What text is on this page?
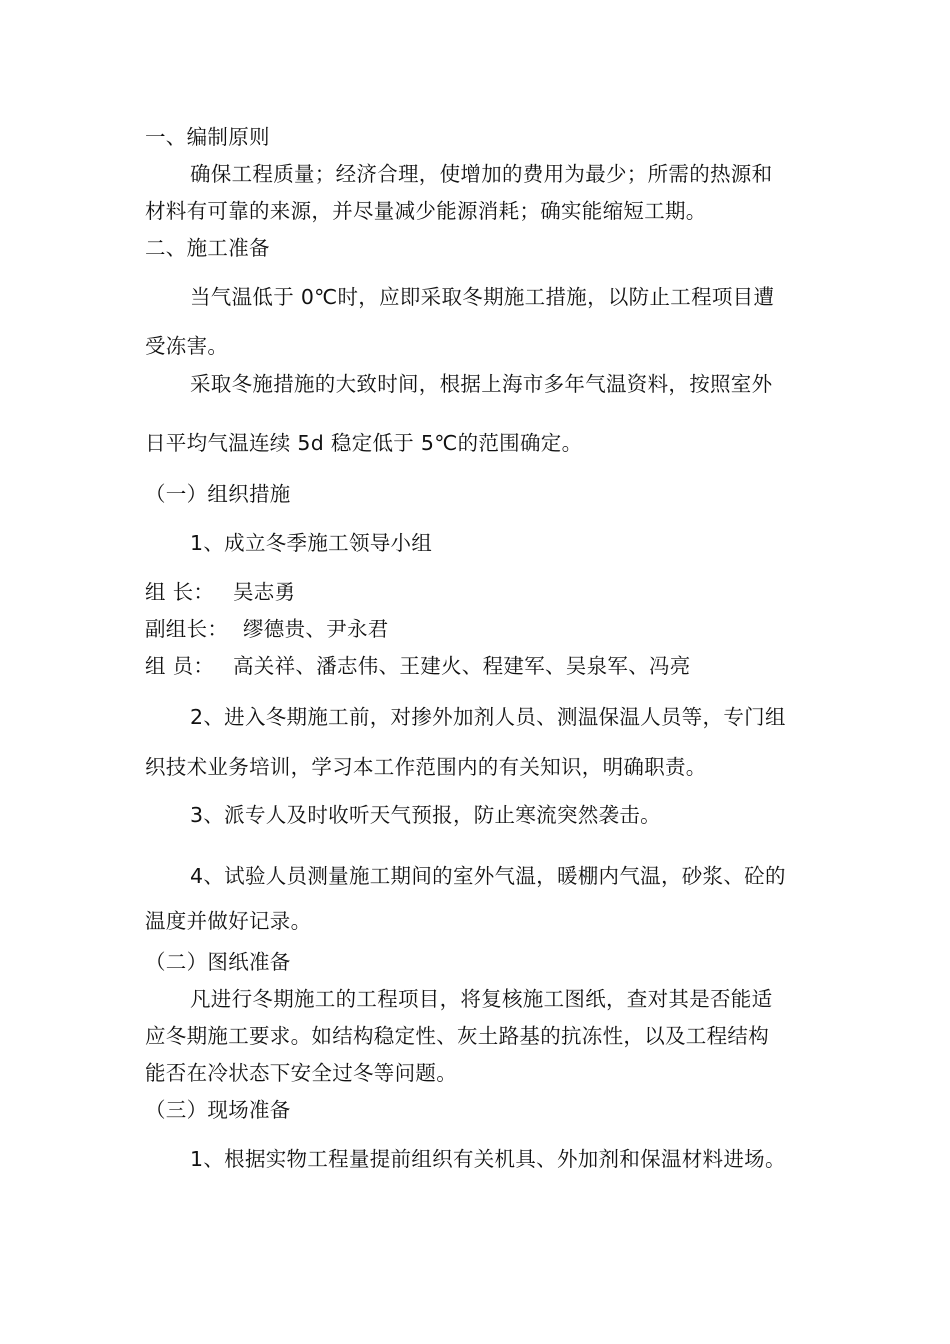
一、编制原则
确保工程质量；经济合理，使增加的费用为最少；所需的热源和
材料有可靠的来源，并尽量减少能源消耗；确实能缩短工期。
二、施工准备
当气温低于 0℃时，应即采取冬期施工措施，以防止工程项目遭
受冻害。
采取冬施措施的大致时间，根据上海市多年气温资料，按照室外
日平均气温连续 5d 稳定低于 5℃的范围确定。
（一）组织措施
1、成立冬季施工领导小组
组 长： 吴志勇
副组长： 缪德贵、尹永君
组 员： 高关祥、潘志伟、王建火、程建军、吴泉军、冯亮
2、进入冬期施工前，对掺外加剂人员、测温保温人员等，专门组
织技术业务培训，学习本工作范围内的有关知识，明确职责。
3、派专人及时收听天气预报，防止寒流突然袭击。
4、试验人员测量施工期间的室外气温，暖棚内气温，砂浆、砼的
温度并做好记录。
（二）图纸准备
凡进行冬期施工的工程项目，将复核施工图纸，查对其是否能适
应冬期施工要求。如结构稳定性、灰土路基的抗冻性，以及工程结构
能否在冷状态下安全过冬等问题。
（三）现场准备
1、根据实物工程量提前组织有关机具、外加剂和保温材料进场。
